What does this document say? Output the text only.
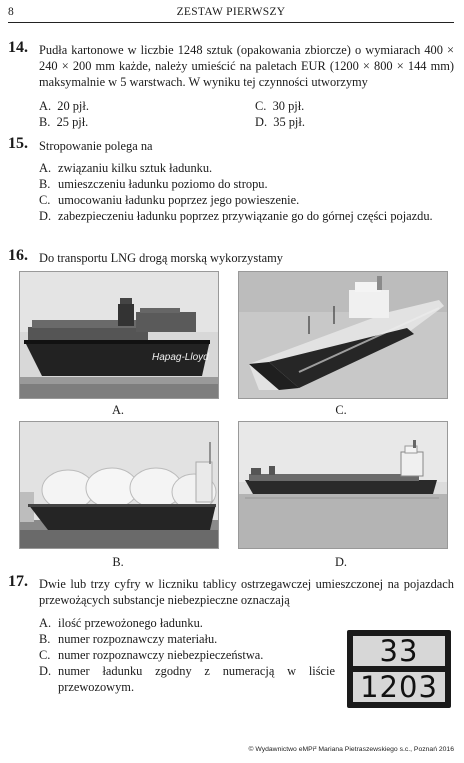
8	ZESTAW PIERWSZY
14. Pudła kartonowe w liczbie 1248 sztuk (opakowania zbiorcze) o wymiarach 400 × 240 × 200 mm każde, należy umieścić na paletach EUR (1200 × 800 × 144 mm) maksymalnie w 5 warstwach. W wyniku tej czynności utworzymy
A. 20 pjł.	C. 30 pjł.
B. 25 pjł.	D. 35 pjł.
15. Stropowanie polega na
A. związaniu kilku sztuk ładunku.
B. umieszczeniu ładunku poziomo do stropu.
C. umocowaniu ładunku poprzez jego powieszenie.
D. zabezpieczeniu ładunku poprzez przywiązanie go do górnej części pojazdu.
16. Do transportu LNG drogą morską wykorzystamy
Hapag-Lloyd
A.	C.
B.	D.
17. Dwie lub trzy cyfry w liczniku tablicy ostrzegawczej umieszczonej na pojazdach przewożących substancje niebezpieczne oznaczają
A. ilość przewożonego ładunku.
B. numer rozpoznawczy materiału.
C. numer rozpoznawczy niebezpieczeństwa.
D. numer ładunku zgodny z numeracją w liście przewozowym.
33
1203
© Wydawnictwo eMPi² Mariana Pietraszewskiego s.c., Poznań 2016
